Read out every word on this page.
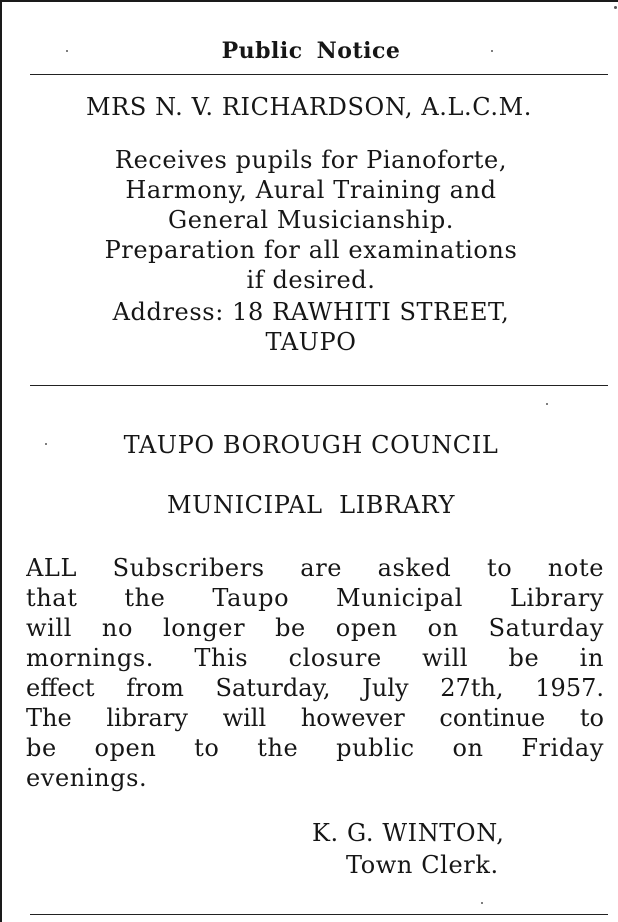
Public Notice
MRS N. V. RICHARDSON, A.L.C.M.
Receives pupils for Pianoforte,
Harmony, Aural Training and
General Musicianship.
Preparation for all examinations
if desired.
Address: 18 RAWHITI STREET,
TAUPO
TAUPO BOROUGH COUNCIL
MUNICIPAL  LIBRARY
ALL Subscribers are asked to note
that the Taupo Municipal Library
will no longer be open on Saturday
mornings. This closure will be in
effect from Saturday, July 27th, 1957.
The library will however continue to
be open to the public on Friday
evenings.
K. G. WINTON,
Town Clerk.
